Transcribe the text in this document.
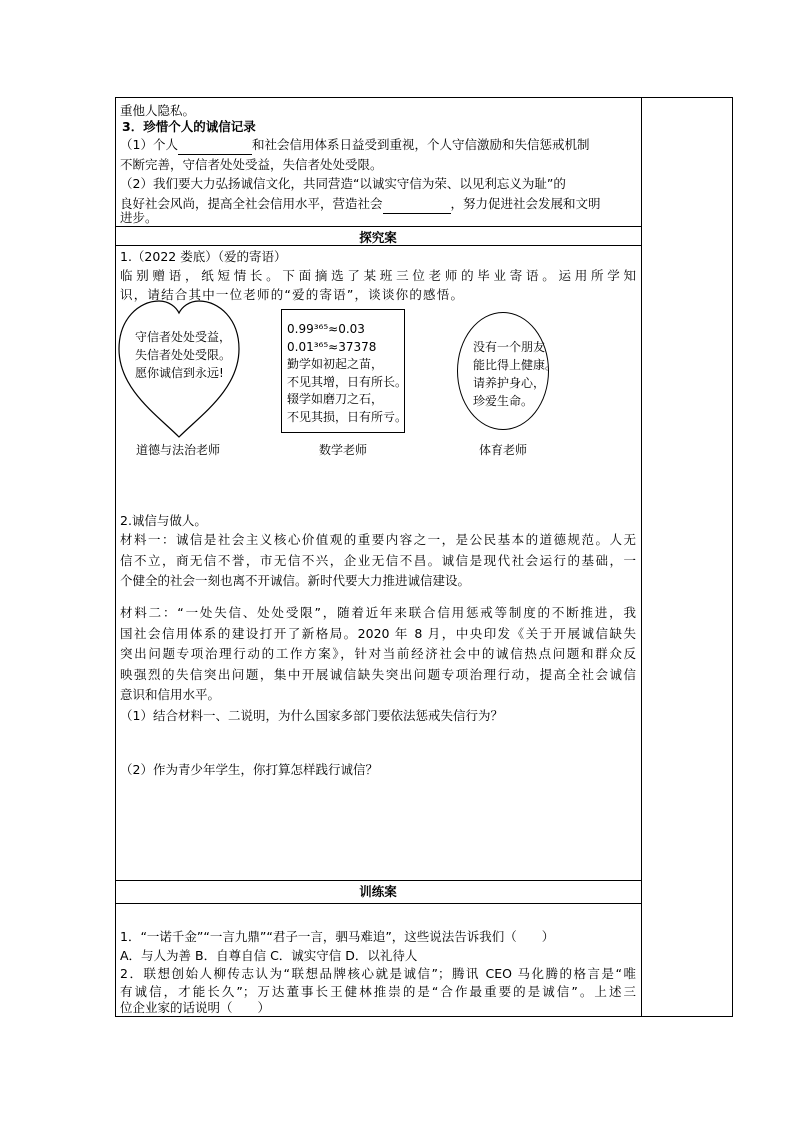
重他人隐私。

3．珍惜个人的诚信记录

（1）个人	和社会信用体系日益受到重视，个人守信激励和失信惩戒机制

不断完善，守信者处处受益，失信者处处受限。

（2）我们要大力弘扬诚信文化，共同营造“以诚实守信为荣、以见利忘义为耻”的

良好社会风尚，提高全社会信用水平，营造社会	，努力促进社会发展和文明

进步。

探究案

1.（2022 娄底）（爱的寄语）

临别赠语，纸短情长。下面摘选了某班三位老师的毕业寄语。运用所学知

识，请结合其中一位老师的“爱的寄语”，谈谈你的感悟。

守信者处处受益，
失信者处处受限。
愿你诚信到永远!
道德与法治老师
0.99³⁶⁵≈0.03
0.01³⁶⁵≈37378
勤学如初起之苗，
不见其增，日有所长。
辍学如磨刀之石，
不见其损，日有所亏。
数学老师
没有一个朋友
能比得上健康。
请养护身心，
珍爱生命。
体育老师

2.诚信与做人。

材料一：诚信是社会主义核心价值观的重要内容之一，是公民基本的道德规范。人无

信不立，商无信不誉，市无信不兴，企业无信不昌。诚信是现代社会运行的基础，一

个健全的社会一刻也离不开诚信。新时代要大力推进诚信建设。

材料二：“一处失信、处处受限”，随着近年来联合信用惩戒等制度的不断推进，我

国社会信用体系的建设打开了新格局。2020 年 8 月，中央印发《关于开展诚信缺失

突出问题专项治理行动的工作方案》，针对当前经济社会中的诚信热点问题和群众反

映强烈的失信突出问题，集中开展诚信缺失突出问题专项治理行动，提高全社会诚信

意识和信用水平。

（1）结合材料一、二说明，为什么国家多部门要依法惩戒失信行为？

（2）作为青少年学生，你打算怎样践行诚信？

训练案

1．“一诺千金”“一言九鼎”“君子一言，驷马难追”，这些说法告诉我们（　　）

A．与人为善 B．自尊自信 C．诚实守信 D．以礼待人

2．联想创始人柳传志认为“联想品牌核心就是诚信”；腾讯 CEO 马化腾的格言是“唯

有诚信，才能长久”；万达董事长王健林推崇的是“合作最重要的是诚信”。上述三

位企业家的话说明（　　）
